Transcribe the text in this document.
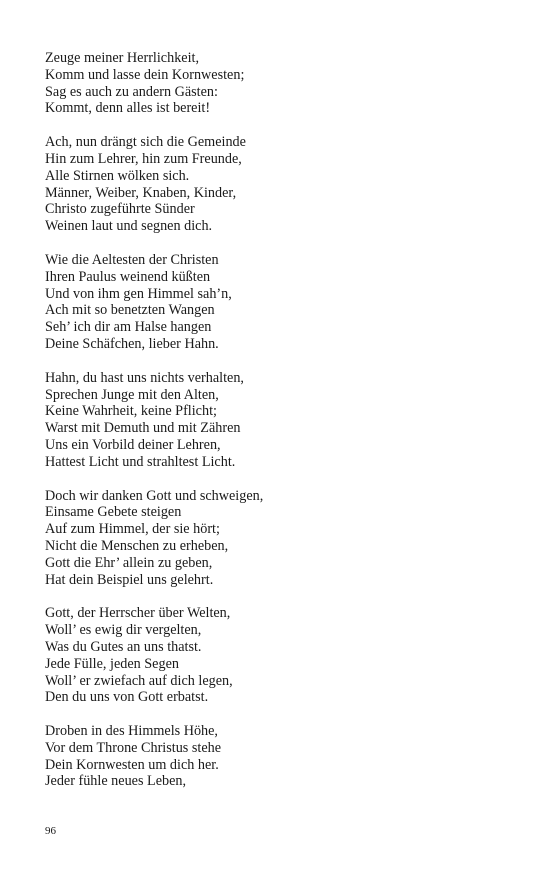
Zeuge meiner Herrlichkeit,
Komm und lasse dein Kornwesten;
Sag es auch zu andern Gästen:
Kommt, denn alles ist bereit!
Ach, nun drängt sich die Gemeinde
Hin zum Lehrer, hin zum Freunde,
Alle Stirnen wölken sich.
Männer, Weiber, Knaben, Kinder,
Christo zugeführte Sünder
Weinen laut und segnen dich.
Wie die Aeltesten der Christen
Ihren Paulus weinend küßten
Und von ihm gen Himmel sah’n,
Ach mit so benetzten Wangen
Seh’ ich dir am Halse hangen
Deine Schäfchen, lieber Hahn.
Hahn, du hast uns nichts verhalten,
Sprechen Junge mit den Alten,
Keine Wahrheit, keine Pflicht;
Warst mit Demuth und mit Zähren
Uns ein Vorbild deiner Lehren,
Hattest Licht und strahltest Licht.
Doch wir danken Gott und schweigen,
Einsame Gebete steigen
Auf zum Himmel, der sie hört;
Nicht die Menschen zu erheben,
Gott die Ehr’ allein zu geben,
Hat dein Beispiel uns gelehrt.
Gott, der Herrscher über Welten,
Woll’ es ewig dir vergelten,
Was du Gutes an uns thatst.
Jede Fülle, jeden Segen
Woll’ er zwiefach auf dich legen,
Den du uns von Gott erbatst.
Droben in des Himmels Höhe,
Vor dem Throne Christus stehe
Dein Kornwesten um dich her.
Jeder fühle neues Leben,
96
